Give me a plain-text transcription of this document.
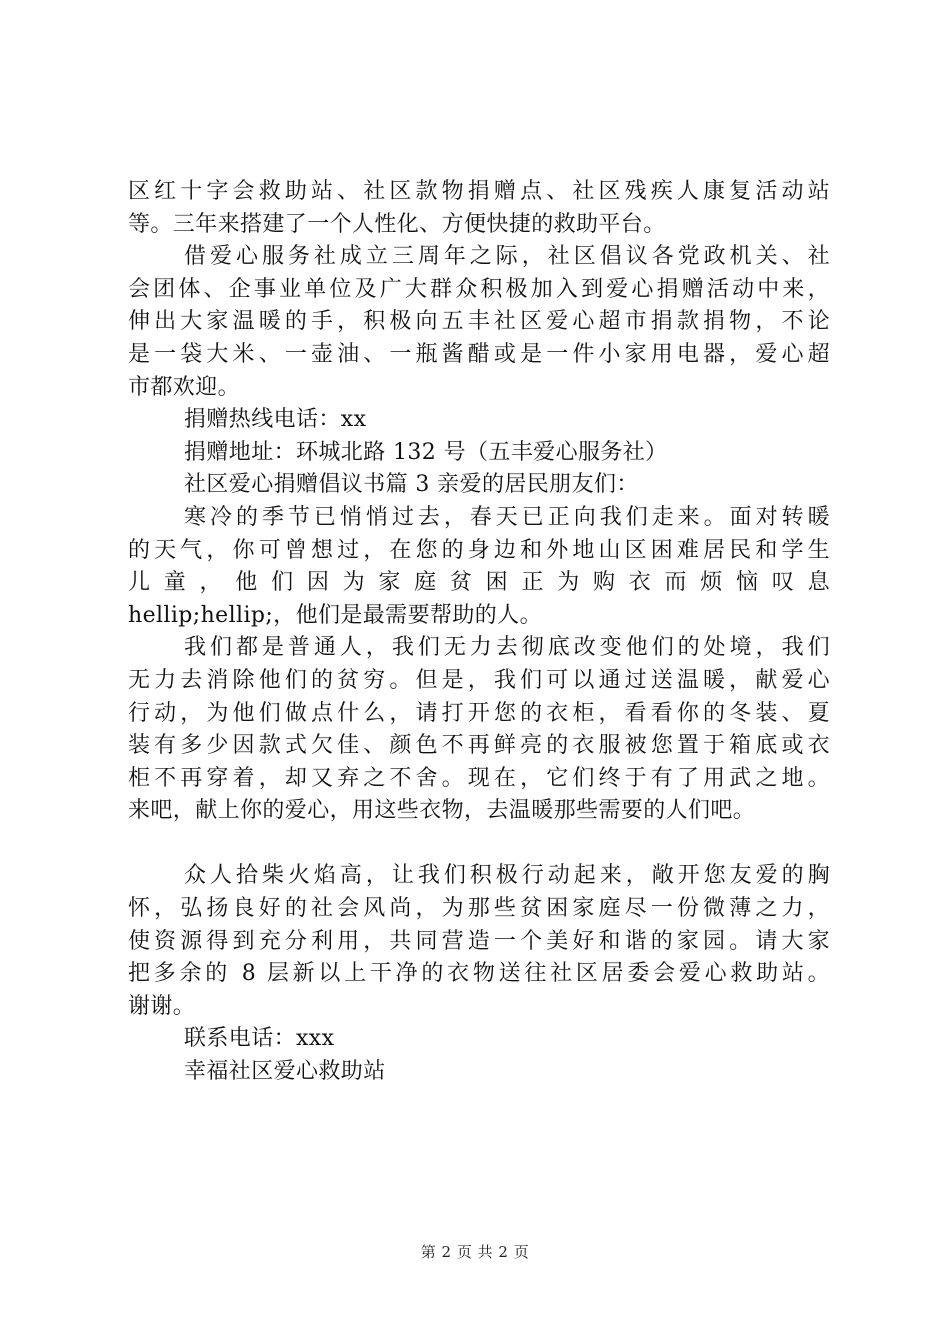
区红十字会救助站、社区款物捐赠点、社区残疾人康复活动站
等。三年来搭建了一个人性化、方便快捷的救助平台。
借爱心服务社成立三周年之际，社区倡议各党政机关、社
会团体、企事业单位及广大群众积极加入到爱心捐赠活动中来，
伸出大家温暖的手，积极向五丰社区爱心超市捐款捐物，不论
是一袋大米、一壶油、一瓶酱醋或是一件小家用电器，爱心超
市都欢迎。
捐赠热线电话：xx
捐赠地址：环城北路 132 号（五丰爱心服务社）
社区爱心捐赠倡议书篇 3 亲爱的居民朋友们：
寒冷的季节已悄悄过去，春天已正向我们走来。面对转暖
的天气，你可曾想过，在您的身边和外地山区困难居民和学生
儿童，他们因为家庭贫困正为购衣而烦恼叹息
hellip;hellip;，他们是最需要帮助的人。
我们都是普通人，我们无力去彻底改变他们的处境，我们
无力去消除他们的贫穷。但是，我们可以通过送温暖，献爱心
行动，为他们做点什么，请打开您的衣柜，看看你的冬装、夏
装有多少因款式欠佳、颜色不再鲜亮的衣服被您置于箱底或衣
柜不再穿着，却又弃之不舍。现在，它们终于有了用武之地。
来吧，献上你的爱心，用这些衣物，去温暖那些需要的人们吧。
众人拾柴火焰高，让我们积极行动起来，敞开您友爱的胸
怀，弘扬良好的社会风尚，为那些贫困家庭尽一份微薄之力，
使资源得到充分利用，共同营造一个美好和谐的家园。请大家
把多余的 8 层新以上干净的衣物送往社区居委会爱心救助站。
谢谢。
联系电话：xxx
幸福社区爱心救助站
第 2 页 共 2 页
